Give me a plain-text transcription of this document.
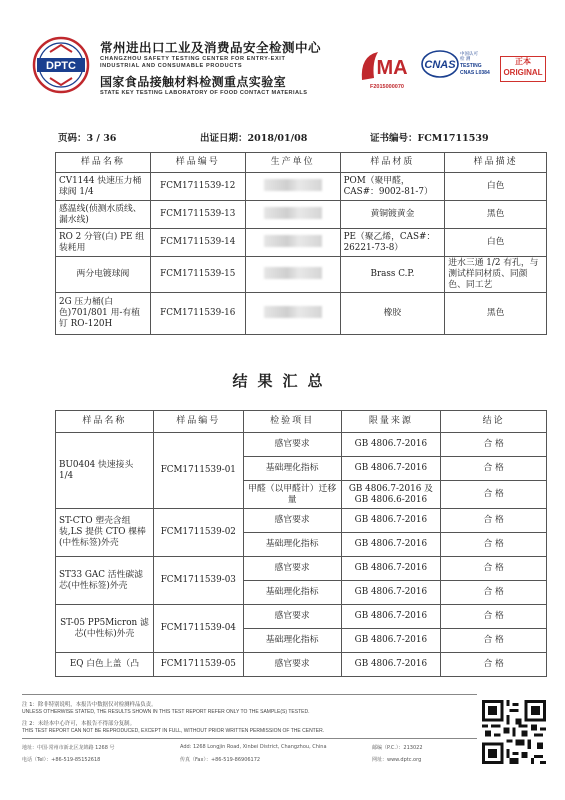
DPTC
常州进出口工业及消费品安全检测中心
CHANGZHOU SAFETY TESTING CENTER FOR ENTRY-EXIT
INDUSTRIAL AND CONSUMABLE PRODUCTS
国家食品接触材料检测重点实验室
STATE KEY TESTING LABORATORY OF FOOD CONTACT MATERIALS
MA
F2015000070
CNAS
中国认可
检 测
TESTING
CNAS L0384
正本
ORIGINAL
页码：3 / 36	出证日期：2018/01/08	证书编号：FCM1711539
样品名称	样品编号	生产单位	样品材质	样品描述
CV1144 快速压力桶球阀 1/4	FCM1711539-12		POM（聚甲醛，CAS#：9002-81-7）	白色
感温线(侦测水质线、漏水线)	FCM1711539-13		黄铜镀黄金	黑色
RO 2 分管(白) PE 组装耗用	FCM1711539-14		PE（聚乙烯，CAS#：26221-73-8）	白色
两分电镀球阀	FCM1711539-15		Brass C.P.	进水三通 1/2 有孔，与测试样同材质、同颜色、同工艺
2G 压力桶(白色)701/801 用-有植钉 RO-120H	FCM1711539-16		橡胶	黑色
结果汇总
样品名称	样品编号	检验项目	限量来源	结论
BU0404 快速接头 1/4	FCM1711539-01	感官要求	GB 4806.7-2016	合 格
		基础理化指标	GB 4806.7-2016	合 格
		甲醛（以甲醛计）迁移量	GB 4806.7-2016 及 GB 4806.6-2016	合 格
ST-CTO 塑壳含组装,LS 提供 CTO 棵棒(中性标签)外壳	FCM1711539-02	感官要求	GB 4806.7-2016	合 格
		基础理化指标	GB 4806.7-2016	合 格
ST33 GAC 活性碳滤芯(中性标签)外壳	FCM1711539-03	感官要求	GB 4806.7-2016	合 格
		基础理化指标	GB 4806.7-2016	合 格
ST-05 PP5Micron 滤芯(中性标)外壳	FCM1711539-04	感官要求	GB 4806.7-2016	合 格
		基础理化指标	GB 4806.7-2016	合 格
EQ 白色上盖（凸	FCM1711539-05	感官要求	GB 4806.7-2016	合 格
注 1：除非特别说明，本报告中数据仅对检测样品负责。
UNLESS OTHERWISE STATED, THE RESULTS SHOWN IN THIS TEST REPORT REFER ONLY TO THE SAMPLE(S) TESTED.
注 2：未经本中心许可，本报告不得部分复制。
THIS TEST REPORT CAN NOT BE REPRODUCED, EXCEPT IN FULL, WITHOUT PRIOR WRITTEN PERMISSION OF THE CENTER.
地址：中国·常州市新北区龙锦路 1268 号	Add: 1268 Longjin Road, Xinbei District, Changzhou, China	邮编（P.C.）：213022
电话（Tel）：+86-519-85152618	传真（Fax）：+86-519-86906172	网址：www.dptc.org
